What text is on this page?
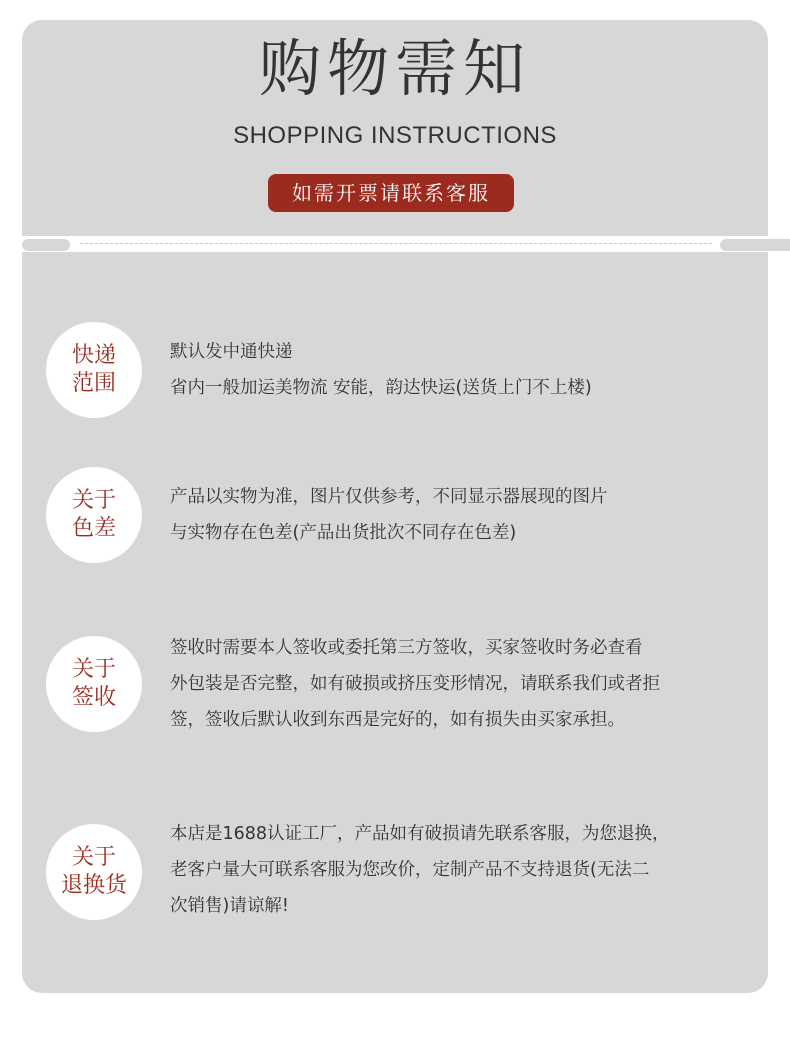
购物需知
SHOPPING INSTRUCTIONS
如需开票请联系客服
快递
范围
默认发中通快递
省内一般加运美物流 安能，韵达快运(送货上门不上楼)
关于
色差
产品以实物为准，图片仅供参考，不同显示器展现的图片
与实物存在色差(产品出货批次不同存在色差)
关于
签收
签收时需要本人签收或委托第三方签收，买家签收时务必查看
外包装是否完整，如有破损或挤压变形情况，请联系我们或者拒
签，签收后默认收到东西是完好的，如有损失由买家承担。
关于
退换货
本店是1688认证工厂，产品如有破损请先联系客服，为您退换，
老客户量大可联系客服为您改价，定制产品不支持退货(无法二
次销售)请谅解!
